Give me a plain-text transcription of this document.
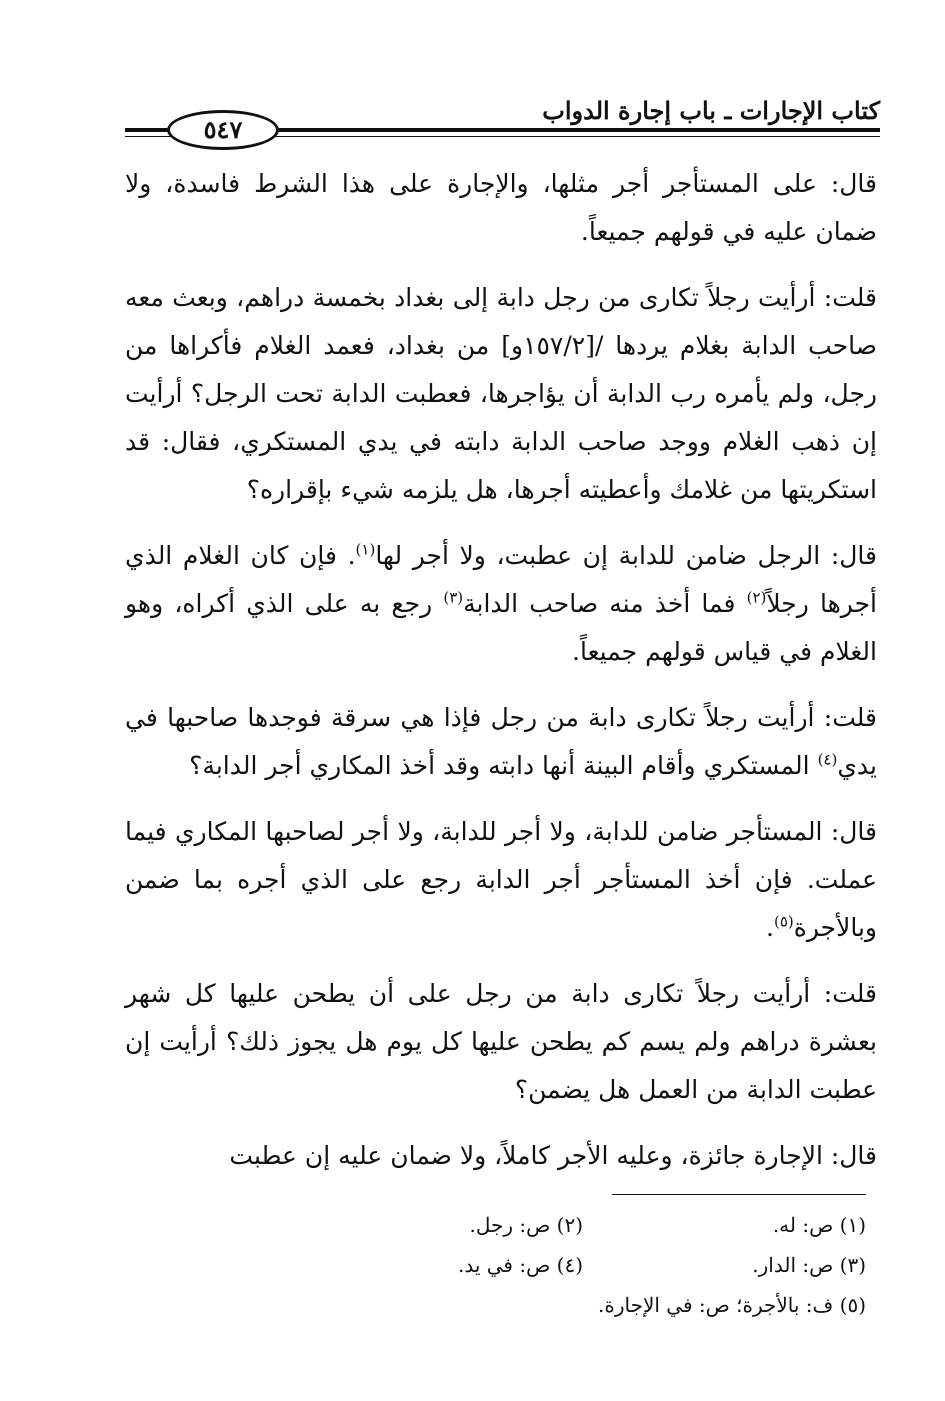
٥٤٧
كتاب الإجارات ـ باب إجارة الدواب

قال: على المستأجر أجر مثلها، والإجارة على هذا الشرط فاسدة، ولا ضمان عليه في قولهم جميعاً.

قلت: أرأيت رجلاً تكارى من رجل دابة إلى بغداد بخمسة دراهم، وبعث معه صاحب الدابة بغلام يردها /[١٥٧/٢و] من بغداد، فعمد الغلام فأكراها من رجل، ولم يأمره رب الدابة أن يؤاجرها، فعطبت الدابة تحت الرجل؟ أرأيت إن ذهب الغلام ووجد صاحب الدابة دابته في يدي المستكري، فقال: قد استكريتها من غلامك وأعطيته أجرها، هل يلزمه شيء بإقراره؟

قال: الرجل ضامن للدابة إن عطبت، ولا أجر لها$^{(١)}$. فإن كان الغلام الذي أجرها رجلاً$^{(٢)}$ فما أخذ منه صاحب الدابة$^{(٣)}$ رجع به على الذي أكراه، وهو الغلام في قياس قولهم جميعاً.

قلت: أرأيت رجلاً تكارى دابة من رجل فإذا هي سرقة فوجدها صاحبها في يدي$^{(٤)}$ المستكري وأقام البينة أنها دابته وقد أخذ المكاري أجر الدابة؟

قال: المستأجر ضامن للدابة، ولا أجر للدابة، ولا أجر لصاحبها المكاري فيما عملت. فإن أخذ المستأجر أجر الدابة رجع على الذي أجره بما ضمن وبالأجرة$^{(٥)}$.

قلت: أرأيت رجلاً تكارى دابة من رجل على أن يطحن عليها كل شهر بعشرة دراهم ولم يسم كم يطحن عليها كل يوم هل يجوز ذلك؟ أرأيت إن عطبت الدابة من العمل هل يضمن؟

قال: الإجارة جائزة، وعليه الأجر كاملاً، ولا ضمان عليه إن عطبت

(١) ص: له.
(٢) ص: رجل.
(٣) ص: الدار.
(٤) ص: في يد.
(٥) ف: بالأجرة؛ ص: في الإجارة.
